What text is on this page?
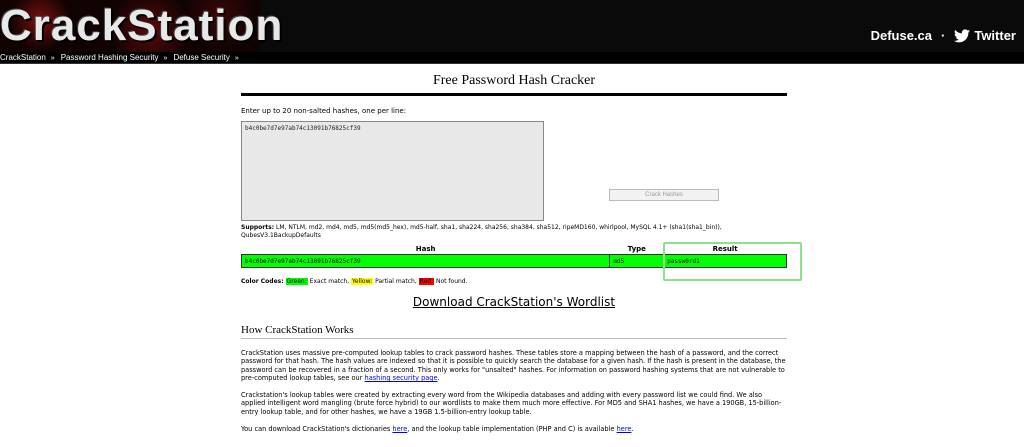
CrackStation	Defuse.ca · Twitter
CrackStation » Password Hashing Security » Defuse Security »
Free Password Hash Cracker
Enter up to 20 non-salted hashes, one per line:
b4c0be7d7e97ab74c13091b76825cf39
Crack Hashes
Supports: LM, NTLM, md2, md4, md5, md5(md5_hex), md5-half, sha1, sha224, sha256, sha384, sha512, ripeMD160, whirlpool, MySQL 4.1+ (sha1(sha1_bin)), QubesV3.1BackupDefaults
Hash	Type	Result
b4c0be7d7e97ab74c13091b76825cf39	md5	passw0rd1
Color Codes: Green: Exact match, Yellow: Partial match, Red: Not found.
Download CrackStation's Wordlist
How CrackStation Works
CrackStation uses massive pre-computed lookup tables to crack password hashes. These tables store a mapping between the hash of a password, and the correct password for that hash. The hash values are indexed so that it is possible to quickly search the database for a given hash. If the hash is present in the database, the password can be recovered in a fraction of a second. This only works for "unsalted" hashes. For information on password hashing systems that are not vulnerable to pre-computed lookup tables, see our hashing security page.
Crackstation's lookup tables were created by extracting every word from the Wikipedia databases and adding with every password list we could find. We also applied intelligent word mangling (brute force hybrid) to our wordlists to make them much more effective. For MD5 and SHA1 hashes, we have a 190GB, 15-billion-entry lookup table, and for other hashes, we have a 19GB 1.5-billion-entry lookup table.
You can download CrackStation's dictionaries here, and the lookup table implementation (PHP and C) is available here.
